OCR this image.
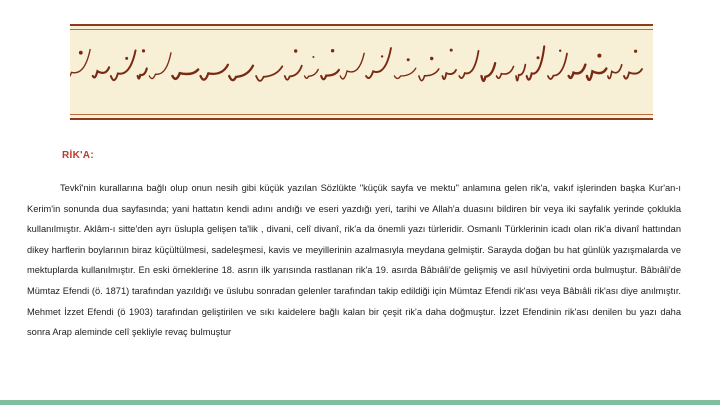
RİK'A:

Tevkî'nin kurallarına bağlı olup onun nesih gibi küçük yazılan Sözlükte "küçük sayfa ve mektu" anlamına gelen rik'a, vakıf işlerinden başka Kur'an-ı Kerim'in sonunda dua sayfasında; yani hattatın kendi adını andığı ve eseri yazdığı yeri, tarihi ve Allah'a duasını bildiren bir veya iki sayfalık yerinde çoklukla kullanılmıştır. Aklâm-ı sitte'den ayrı üslupla gelişen ta'lik , divani, celî divanî, rik'a da önemli yazı türleridir. Osmanlı Türklerinin icadı olan rik'a divanî hattından dikey harflerin boylarının biraz küçültülmesi, sadeleşmesi, kavis ve meyillerinin azalmasıyla meydana gelmiştir. Sarayda doğan bu hat günlük yazışmalarda ve mektuplarda kullanılmıştır. En eski örneklerine 18. asrın ilk yarısında rastlanan rik'a 19. asırda Bâbıâli'de gelişmiş ve asıl hüviyetini orda bulmuştur. Bâbıâli'de Mümtaz Efendi (ö. 1871) tarafından yazıldığı ve üslubu sonradan gelenler tarafından takip edildiği için Mümtaz Efendi rik'ası veya Bâbıâli rik'ası diye anılmıştır. Mehmet İzzet Efendi (ö 1903) tarafından geliştirilen ve sıkı kaidelere bağlı kalan bir çeşit rik'a daha doğmuştur. İzzet Efendinin rik'ası denilen bu yazı daha sonra Arap aleminde celî şekliyle revaç bulmuştur
